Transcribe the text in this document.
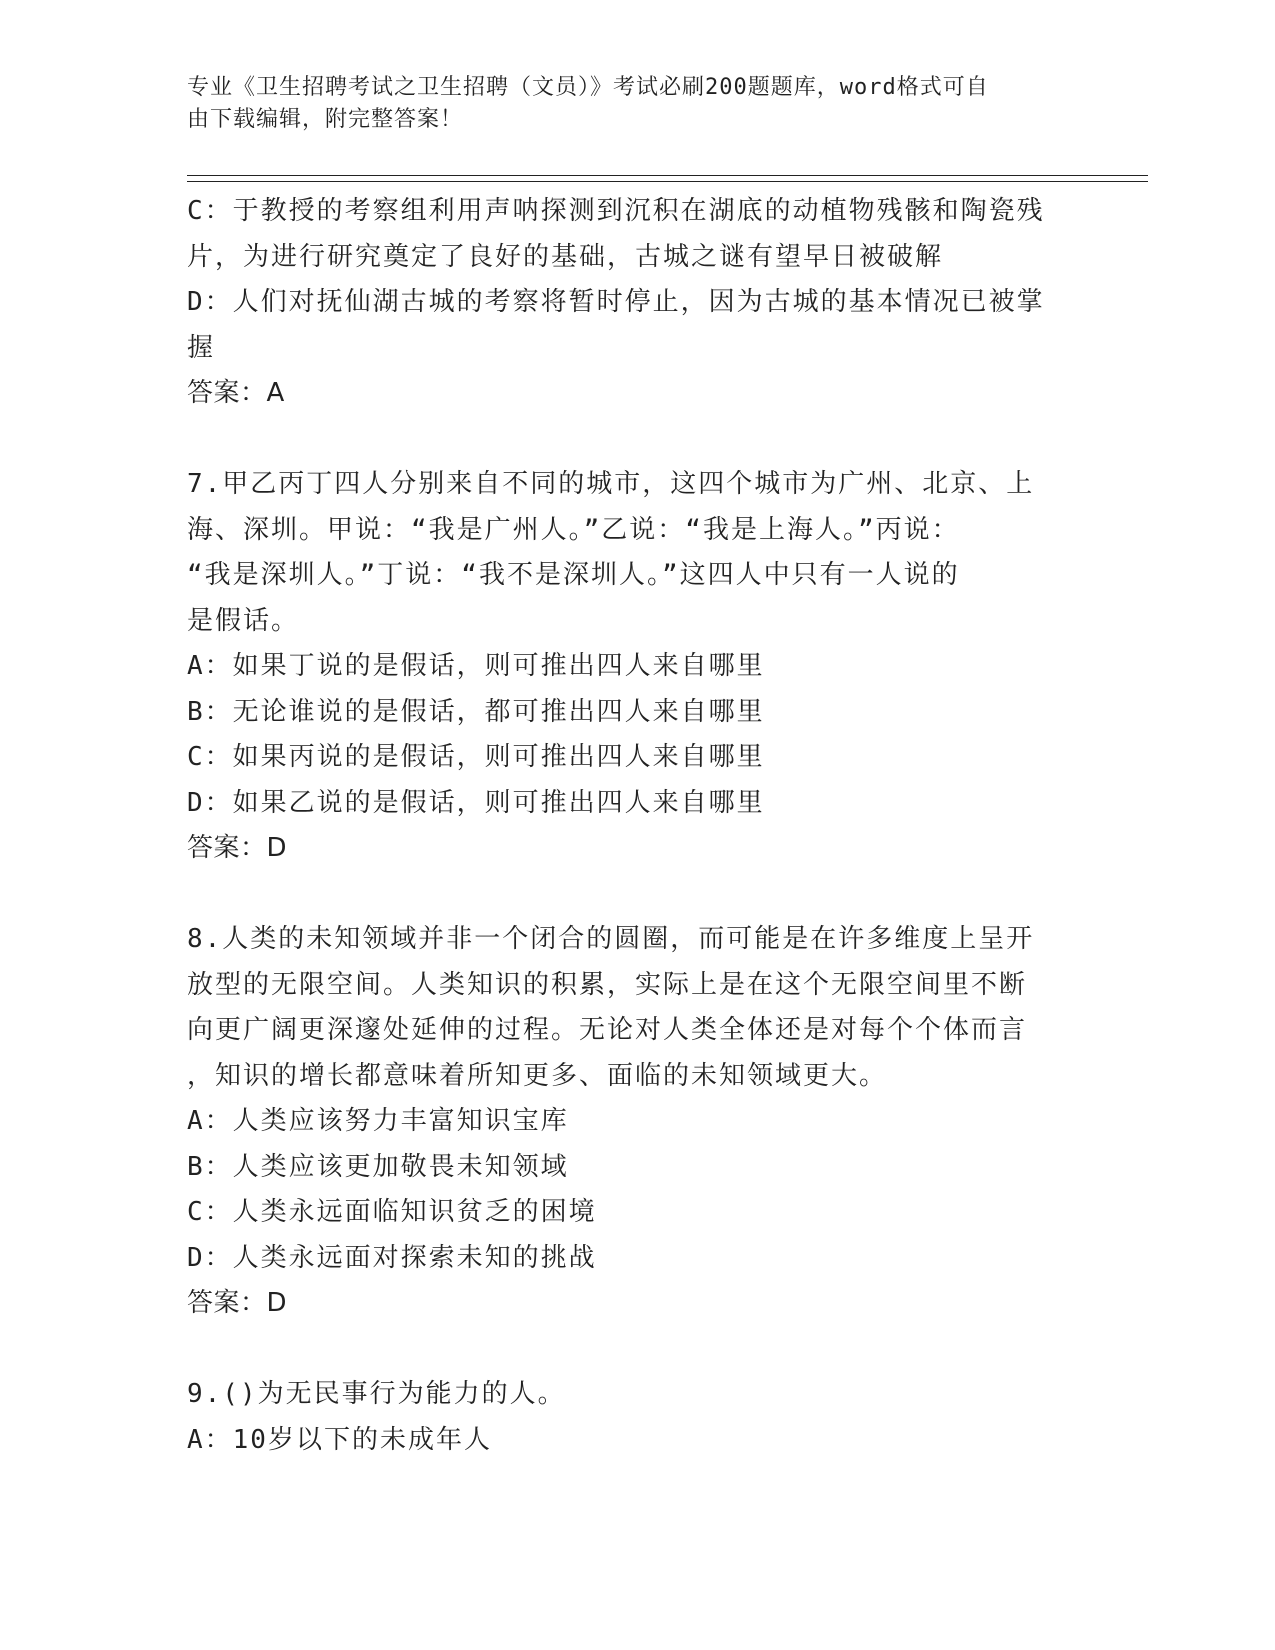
专业《卫生招聘考试之卫生招聘（文员）》考试必刷200题题库，word格式可自
由下载编辑，附完整答案！
C：于教授的考察组利用声呐探测到沉积在湖底的动植物残骸和陶瓷残
片，为进行研究奠定了良好的基础，古城之谜有望早日被破解
D：人们对抚仙湖古城的考察将暂时停止，因为古城的基本情况已被掌
握
答案：A
7.甲乙丙丁四人分别来自不同的城市，这四个城市为广州、北京、上
海、深圳。甲说：“我是广州人。”乙说：“我是上海人。”丙说：
“我是深圳人。”丁说：“我不是深圳人。”这四人中只有一人说的
是假话。
A：如果丁说的是假话，则可推出四人来自哪里
B：无论谁说的是假话，都可推出四人来自哪里
C：如果丙说的是假话，则可推出四人来自哪里
D：如果乙说的是假话，则可推出四人来自哪里
答案：D
8.人类的未知领域并非一个闭合的圆圈，而可能是在许多维度上呈开
放型的无限空间。人类知识的积累，实际上是在这个无限空间里不断
向更广阔更深邃处延伸的过程。无论对人类全体还是对每个个体而言
，知识的增长都意味着所知更多、面临的未知领域更大。
A：人类应该努力丰富知识宝库
B：人类应该更加敬畏未知领域
C：人类永远面临知识贫乏的困境
D：人类永远面对探索未知的挑战
答案：D
9.()为无民事行为能力的人。
A：10岁以下的未成年人
